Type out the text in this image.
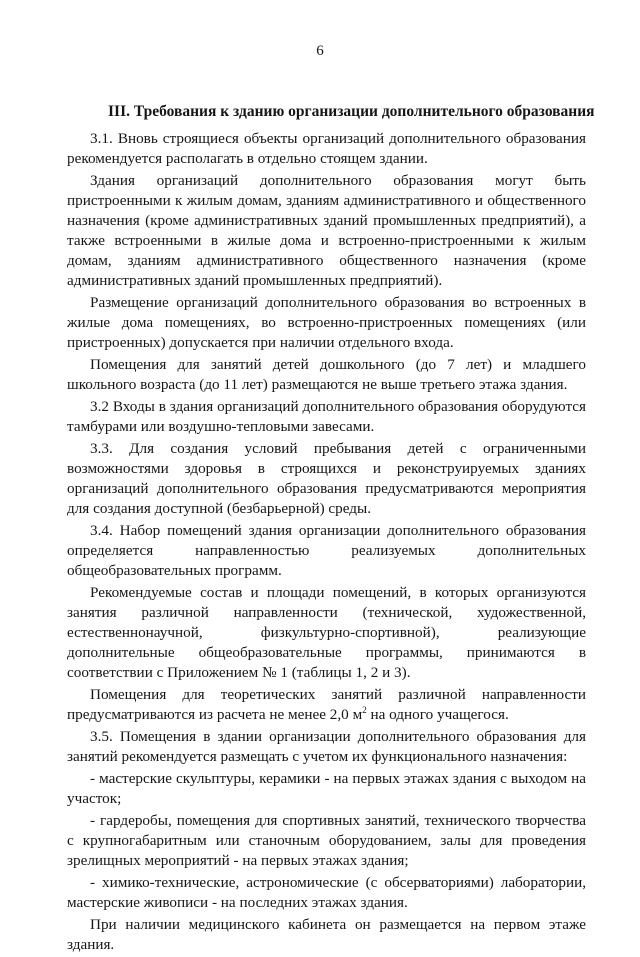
6
III. Требования к зданию организации дополнительного образования

3.1. Вновь строящиеся объекты организаций дополнительного образования рекомендуется располагать в отдельно стоящем здании.

Здания организаций дополнительного образования могут быть пристроенными к жилым домам, зданиям административного и общественного назначения (кроме административных зданий промышленных предприятий), а также встроенными в жилые дома и встроенно-пристроенными к жилым домам, зданиям административного общественного назначения (кроме административных зданий промышленных предприятий).

Размещение организаций дополнительного образования во встроенных в жилые дома помещениях, во встроенно-пристроенных помещениях (или пристроенных) допускается при наличии отдельного входа.

Помещения для занятий детей дошкольного (до 7 лет) и младшего школьного возраста (до 11 лет) размещаются не выше третьего этажа здания.

3.2 Входы в здания организаций дополнительного образования оборудуются тамбурами или воздушно-тепловыми завесами.

3.3. Для создания условий пребывания детей с ограниченными возможностями здоровья в строящихся и реконструируемых зданиях организаций дополнительного образования предусматриваются мероприятия для создания доступной (безбарьерной) среды.

3.4. Набор помещений здания организации дополнительного образования определяется направленностью реализуемых дополнительных общеобразовательных программ.

Рекомендуемые состав и площади помещений, в которых организуются занятия различной направленности (технической, художественной, естественнонаучной, физкультурно-спортивной), реализующие дополнительные общеобразовательные программы, принимаются в соответствии с Приложением № 1 (таблицы 1, 2 и 3).

Помещения для теоретических занятий различной направленности предусматриваются из расчета не менее 2,0 $м^2$ на одного учащегося.

3.5. Помещения в здании организации дополнительного образования для занятий рекомендуется размещать с учетом их функционального назначения:

- мастерские скульптуры, керамики - на первых этажах здания с выходом на участок;

- гардеробы, помещения для спортивных занятий, технического творчества с крупногабаритным или станочным оборудованием, залы для проведения зрелищных мероприятий - на первых этажах здания;

- химико-технические, астрономические (с обсерваториями) лаборатории, мастерские живописи - на последних этажах здания.

При наличии медицинского кабинета он размещается на первом этаже здания.
